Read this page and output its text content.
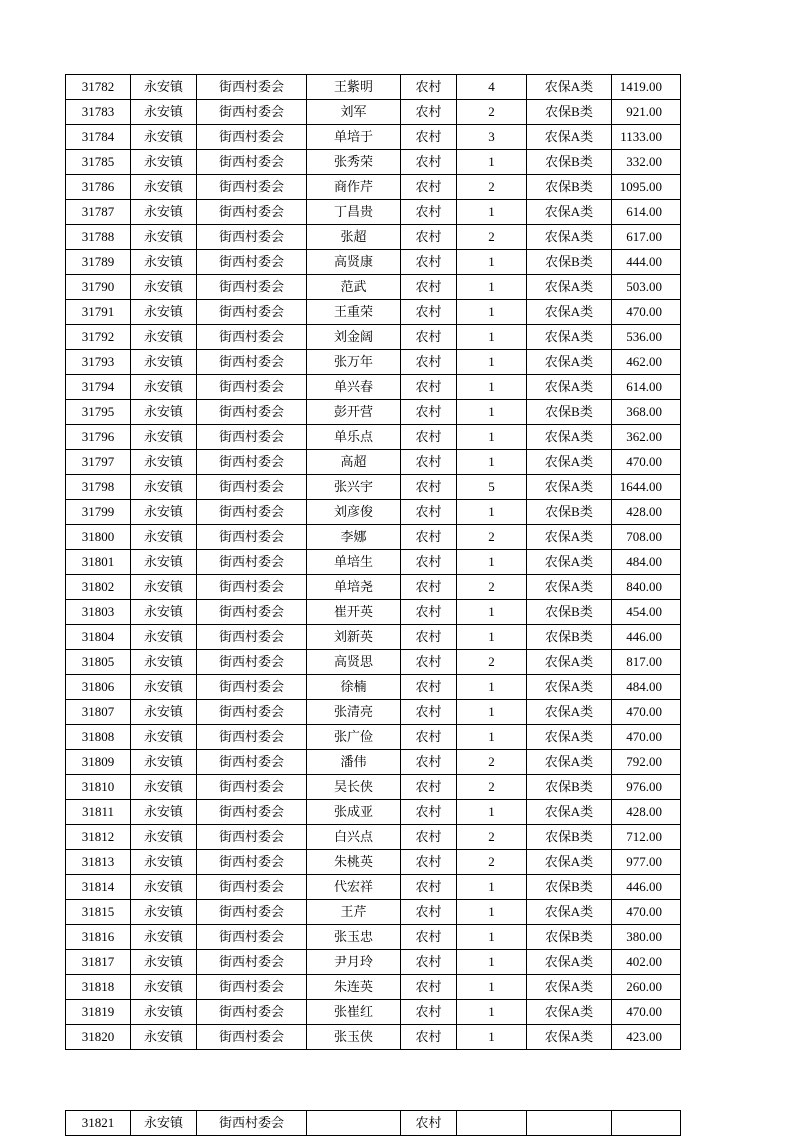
31782	永安镇	街西村委会	王紫明	农村	4	农保A类	1419.00
31783	永安镇	街西村委会	刘军	农村	2	农保B类	921.00
31784	永安镇	街西村委会	单培于	农村	3	农保A类	1133.00
31785	永安镇	街西村委会	张秀荣	农村	1	农保B类	332.00
31786	永安镇	街西村委会	商作芹	农村	2	农保B类	1095.00
31787	永安镇	街西村委会	丁昌贵	农村	1	农保A类	614.00
31788	永安镇	街西村委会	张超	农村	2	农保A类	617.00
31789	永安镇	街西村委会	高贤康	农村	1	农保B类	444.00
31790	永安镇	街西村委会	范武	农村	1	农保A类	503.00
31791	永安镇	街西村委会	王重荣	农村	1	农保A类	470.00
31792	永安镇	街西村委会	刘金阔	农村	1	农保A类	536.00
31793	永安镇	街西村委会	张万年	农村	1	农保A类	462.00
31794	永安镇	街西村委会	单兴春	农村	1	农保A类	614.00
31795	永安镇	街西村委会	彭开营	农村	1	农保B类	368.00
31796	永安镇	街西村委会	单乐点	农村	1	农保A类	362.00
31797	永安镇	街西村委会	高超	农村	1	农保A类	470.00
31798	永安镇	街西村委会	张兴宇	农村	5	农保A类	1644.00
31799	永安镇	街西村委会	刘彦俊	农村	1	农保B类	428.00
31800	永安镇	街西村委会	李娜	农村	2	农保A类	708.00
31801	永安镇	街西村委会	单培生	农村	1	农保A类	484.00
31802	永安镇	街西村委会	单培尧	农村	2	农保A类	840.00
31803	永安镇	街西村委会	崔开英	农村	1	农保B类	454.00
31804	永安镇	街西村委会	刘新英	农村	1	农保B类	446.00
31805	永安镇	街西村委会	高贤思	农村	2	农保A类	817.00
31806	永安镇	街西村委会	徐楠	农村	1	农保A类	484.00
31807	永安镇	街西村委会	张清亮	农村	1	农保A类	470.00
31808	永安镇	街西村委会	张广俭	农村	1	农保A类	470.00
31809	永安镇	街西村委会	潘伟	农村	2	农保A类	792.00
31810	永安镇	街西村委会	吴长侠	农村	2	农保B类	976.00
31811	永安镇	街西村委会	张成亚	农村	1	农保A类	428.00
31812	永安镇	街西村委会	白兴点	农村	2	农保B类	712.00
31813	永安镇	街西村委会	朱桃英	农村	2	农保A类	977.00
31814	永安镇	街西村委会	代宏祥	农村	1	农保B类	446.00
31815	永安镇	街西村委会	王芹	农村	1	农保A类	470.00
31816	永安镇	街西村委会	张玉忠	农村	1	农保B类	380.00
31817	永安镇	街西村委会	尹月玲	农村	1	农保A类	402.00
31818	永安镇	街西村委会	朱连英	农村	1	农保A类	260.00
31819	永安镇	街西村委会	张崔红	农村	1	农保A类	470.00
31820	永安镇	街西村委会	张玉侠	农村	1	农保A类	423.00
31821	永安镇	街西村委会		农村			
